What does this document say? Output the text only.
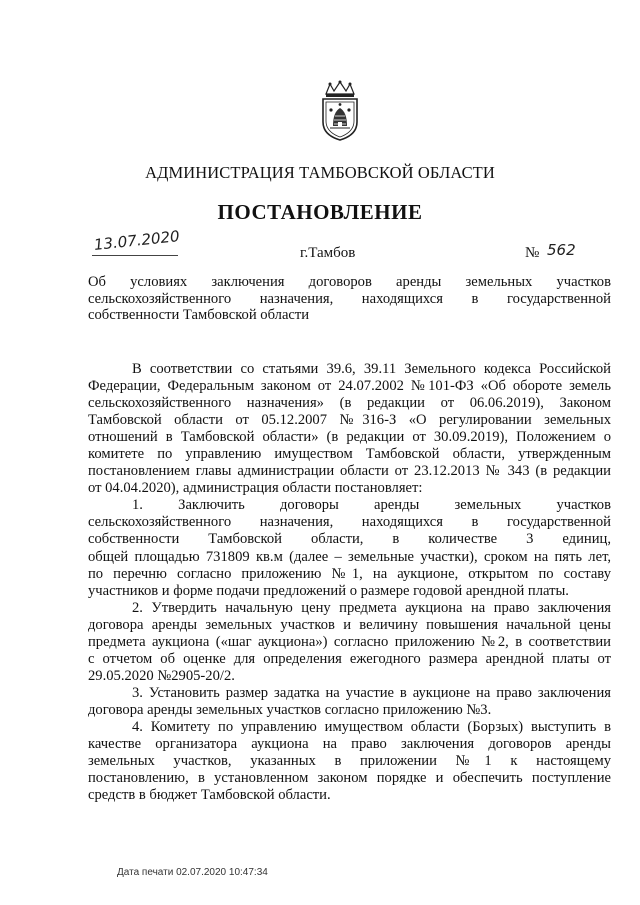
АДМИНИСТРАЦИЯ ТАМБОВСКОЙ ОБЛАСТИ
ПОСТАНОВЛЕНИЕ
13.07.2020	г.Тамбов	№ 562
Об условиях заключения договоров аренды земельных участков
сельскохозяйственного назначения, находящихся в государственной
собственности Тамбовской области
В соответствии со статьями 39.6, 39.11 Земельного кодекса Российской
Федерации, Федеральным законом от 24.07.2002 №101-ФЗ «Об обороте земель
сельскохозяйственного назначения» (в редакции от 06.06.2019), Законом
Тамбовской области от 05.12.2007 №316-З «О регулировании земельных
отношений в Тамбовской области» (в редакции от 30.09.2019), Положением о
комитете по управлению имуществом Тамбовской области, утвержденным
постановлением главы администрации области от 23.12.2013 № 343 (в редакции
от 04.04.2020), администрация области постановляет:
1. Заключить договоры аренды земельных участков
сельскохозяйственного назначения, находящихся в государственной
собственности Тамбовской области, в количестве 3 единиц,
общей площадью 731809 кв.м (далее – земельные участки), сроком на пять лет,
по перечню согласно приложению №1, на аукционе, открытом по составу
участников и форме подачи предложений о размере годовой арендной платы.
2. Утвердить начальную цену предмета аукциона на право заключения
договора аренды земельных участков и величину повышения начальной цены
предмета аукциона («шаг аукциона») согласно приложению №2, в соответствии
с отчетом об оценке для определения ежегодного размера арендной платы от
29.05.2020 №2905-20/2.
3. Установить размер задатка на участие в аукционе на право заключения
договора аренды земельных участков согласно приложению №3.
4. Комитету по управлению имуществом области (Борзых) выступить в
качестве организатора аукциона на право заключения договоров аренды
земельных участков, указанных в приложении №1 к настоящему
постановлению, в установленном законом порядке и обеспечить поступление
средств в бюджет Тамбовской области.
Дата печати 02.07.2020 10:47:34
